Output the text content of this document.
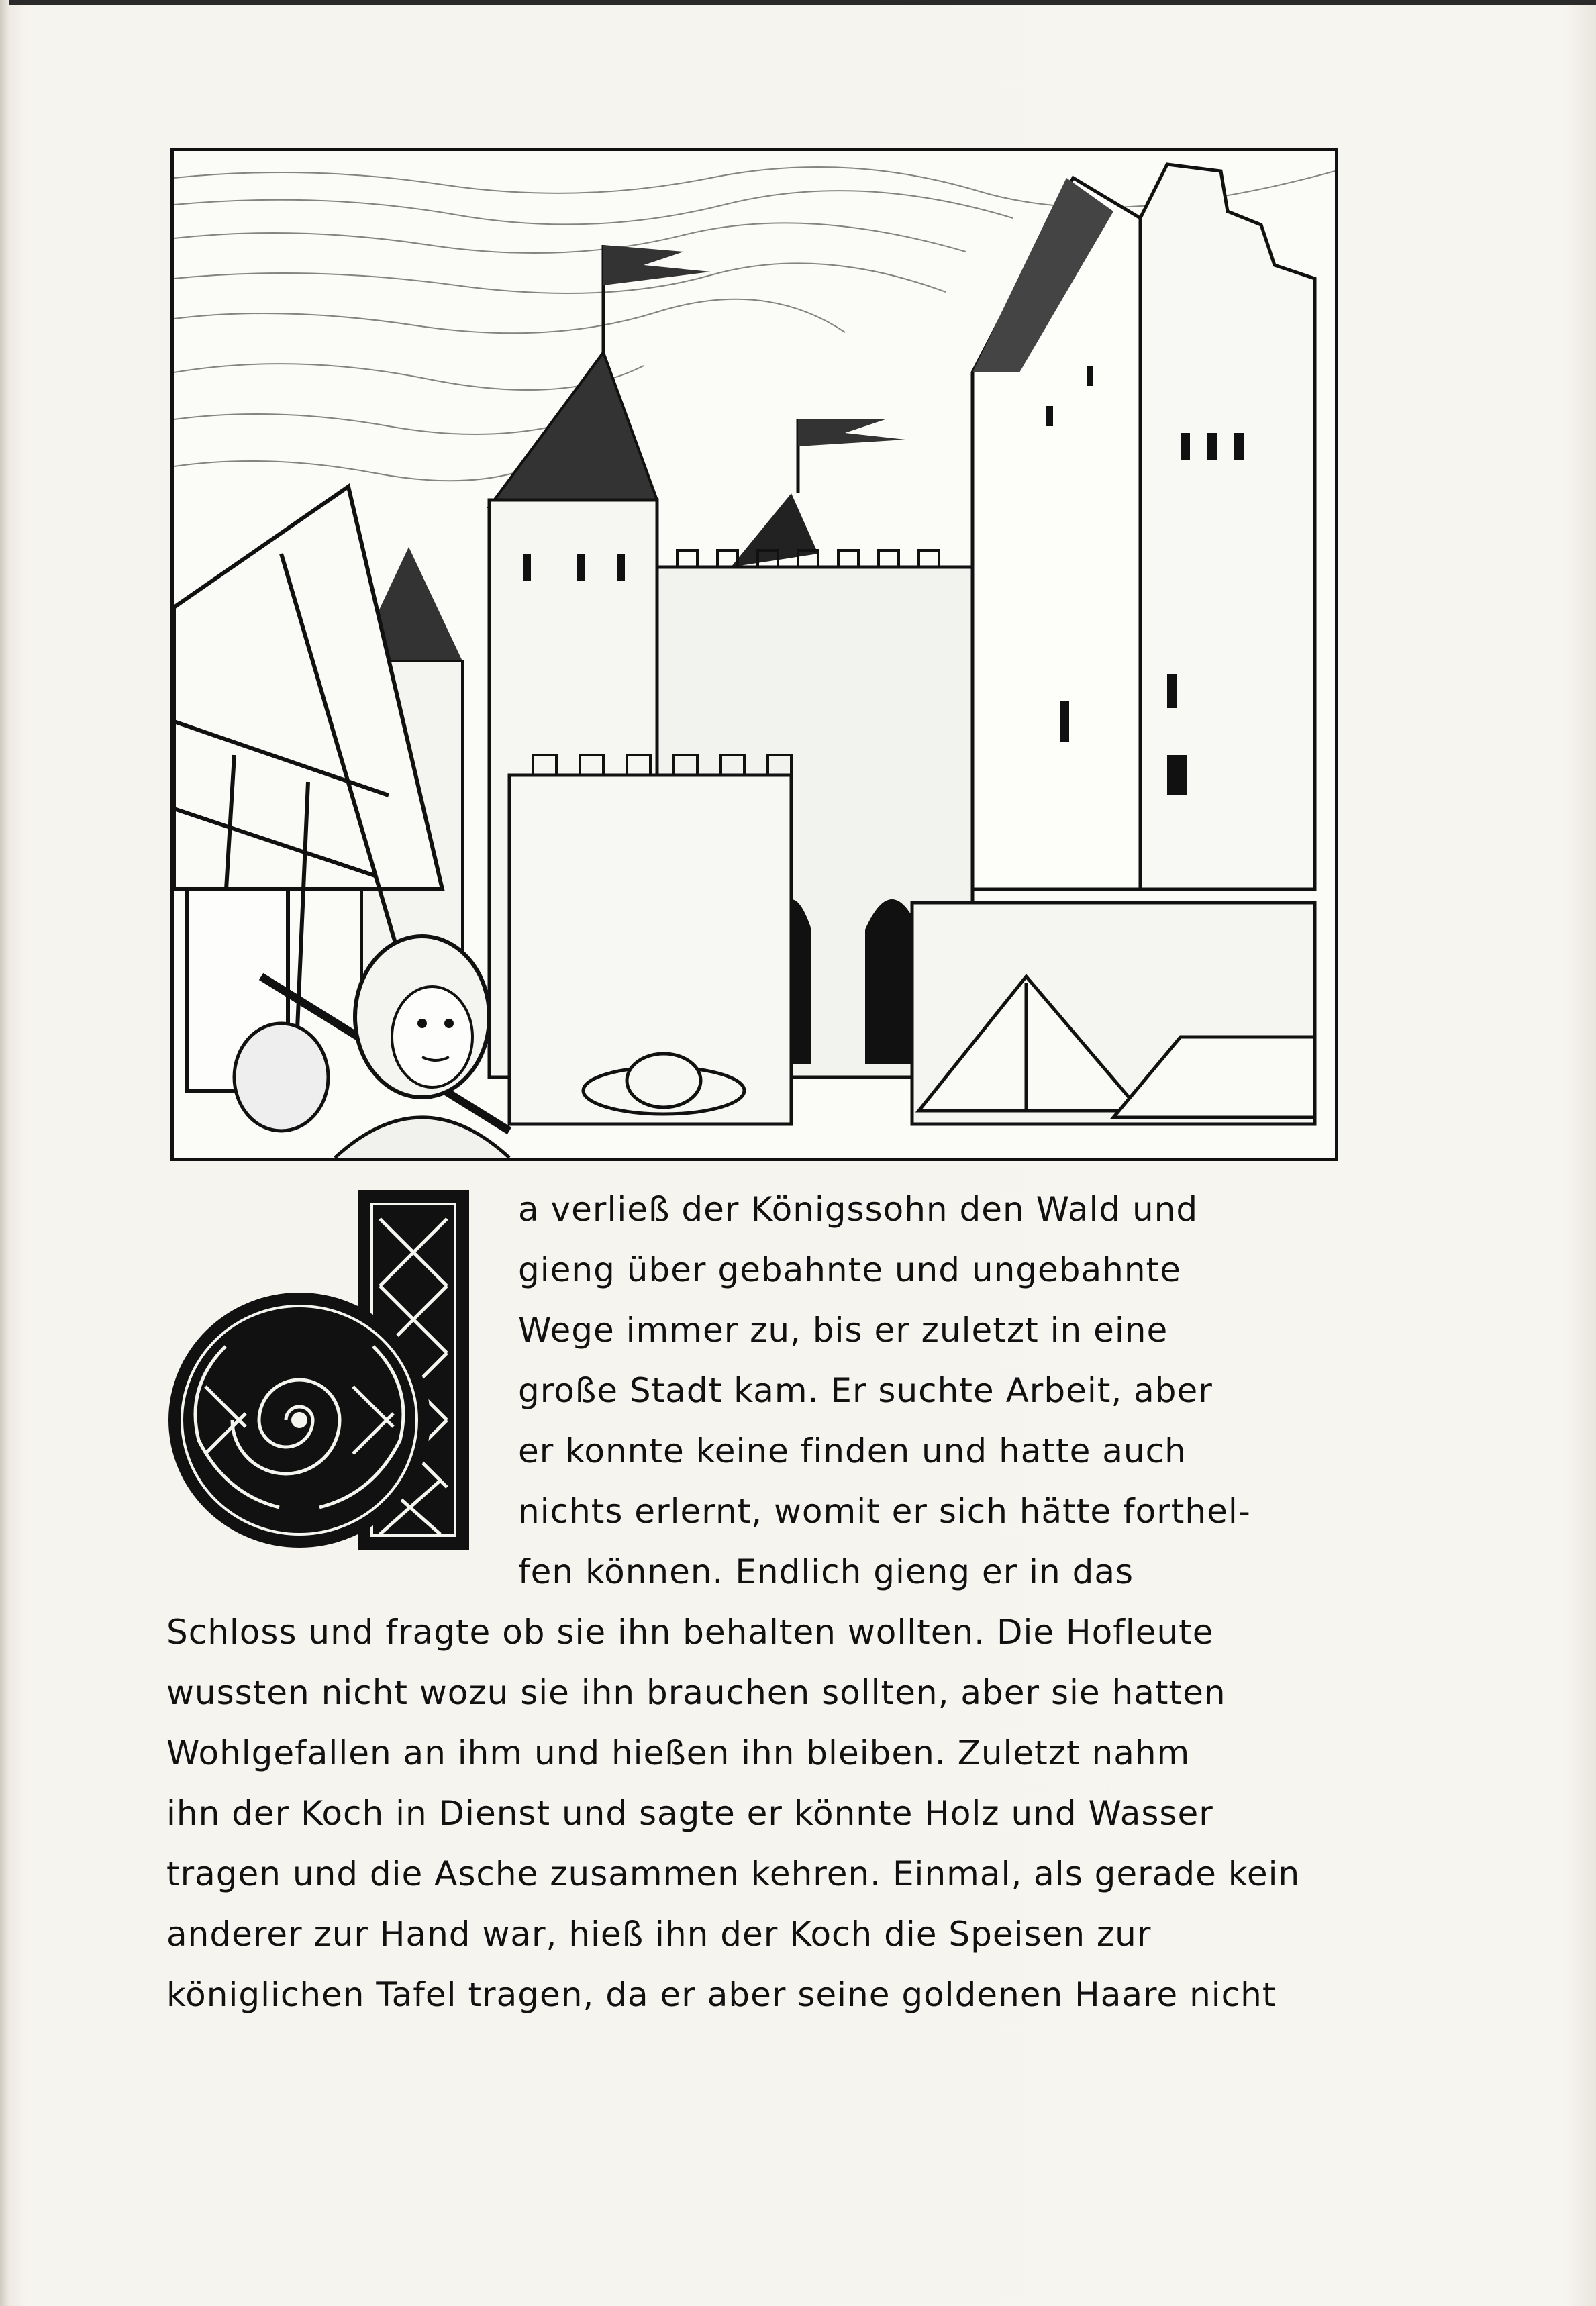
a verließ der Königssohn den Wald und
gieng über gebahnte und ungebahnte
Wege immer zu, bis er zuletzt in eine
große Stadt kam. Er suchte Arbeit, aber
er konnte keine finden und hatte auch
nichts erlernt, womit er sich hätte forthel-
fen können. Endlich gieng er in das
Schloss und fragte ob sie ihn behalten wollten. Die Hofleute
wussten nicht wozu sie ihn brauchen sollten, aber sie hatten
Wohlgefallen an ihm und hießen ihn bleiben. Zuletzt nahm
ihn der Koch in Dienst und sagte er könnte Holz und Wasser
tragen und die Asche zusammen kehren. Einmal, als gerade kein
anderer zur Hand war, hieß ihn der Koch die Speisen zur
königlichen Tafel tragen, da er aber seine goldenen Haare nicht
